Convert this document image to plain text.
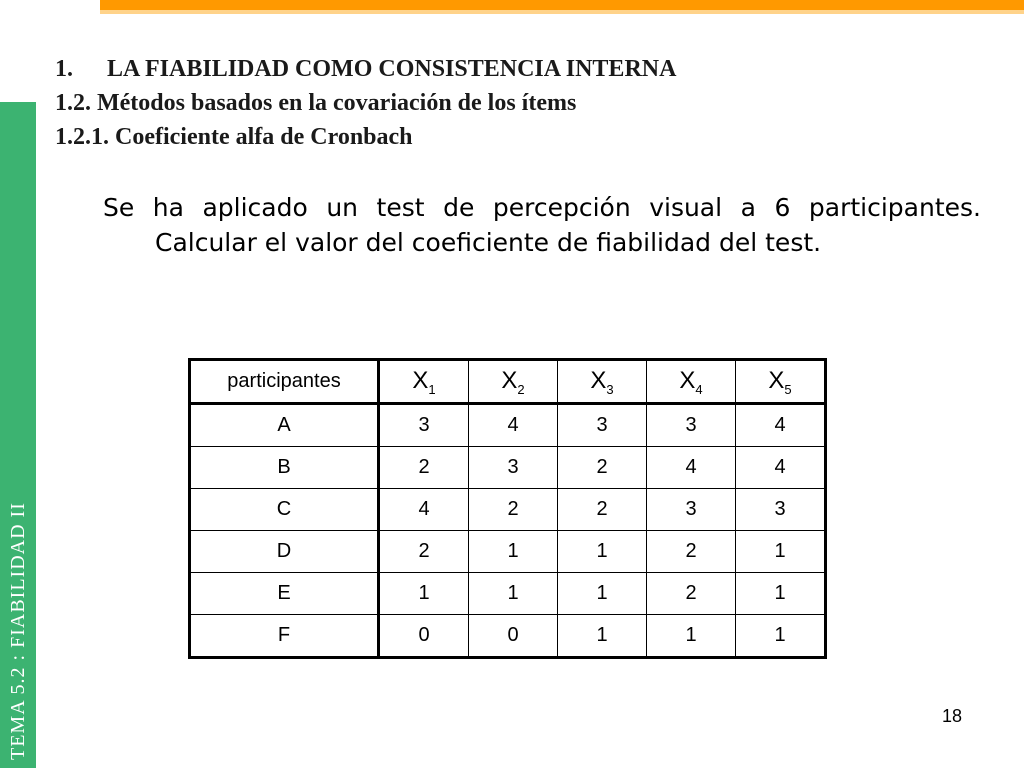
TEMA 5.2 : FIABILIDAD II
1. LA FIABILIDAD COMO CONSISTENCIA INTERNA
1.2. Métodos basados en la covariación de los ítems
1.2.1. Coeficiente alfa de Cronbach

Se ha aplicado un test de percepción visual a 6 participantes. Calcular el valor del coeficiente de fiabilidad del test.

participantes	$X_1$	$X_2$	$X_3$	$X_4$	$X_5$
A	3	4	3	3	4
B	2	3	2	4	4
C	4	2	2	3	3
D	2	1	1	2	1
E	1	1	1	2	1
F	0	0	1	1	1
18
